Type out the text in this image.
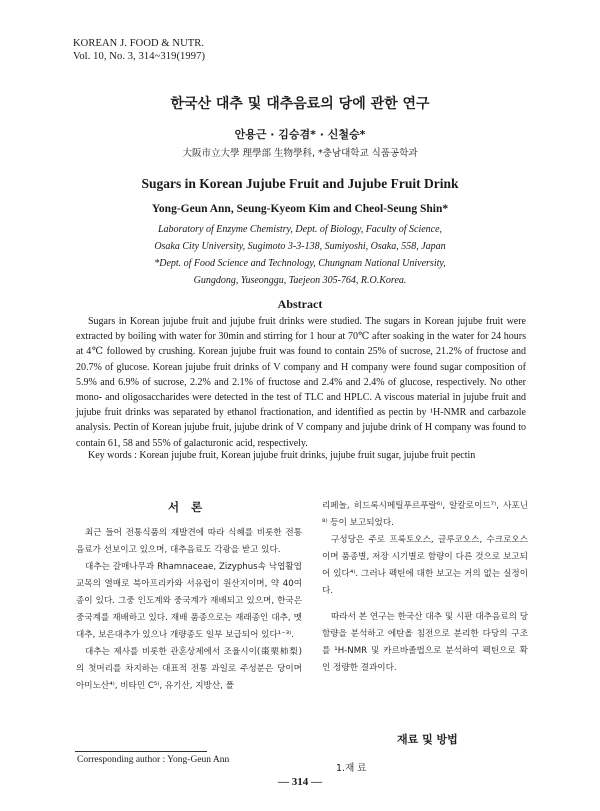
KOREAN J. FOOD & NUTR.
Vol. 10, No. 3, 314~319(1997)
한국산 대추 및 대추음료의 당에 관한 연구
안용근 · 김승겸* · 신철승*
大阪市立大學 理學部 生物學科, *충남대학교 식품공학과
Sugars in Korean Jujube Fruit and Jujube Fruit Drink
Yong-Geun Ann, Seung-Kyeom Kim and Cheol-Seung Shin*
Laboratory of Enzyme Chemistry, Dept. of Biology, Faculty of Science,
Osaka City University, Sugimoto 3-3-138, Sumiyoshi, Osaka, 558, Japan
*Dept. of Food Science and Technology, Chungnam National University,
Gungdong, Yuseonggu, Taejeon 305-764, R.O.Korea.
Abstract
Sugars in Korean jujube fruit and jujube fruit drinks were studied. The sugars in Korean jujube fruit were extracted by boiling with water for 30min and stirring for 1 hour at 70℃ after soaking in the water for 24 hours at 4℃ followed by crushing. Korean jujube fruit was found to contain 25% of sucrose, 21.2% of fructose and 20.7% of glucose. Korean jujube fruit drinks of V company and H company were found sugar composition of 5.9% and 6.9% of sucrose, 2.2% and 2.1% of fructose and 2.4% and 2.4% of glucose, respectively. No other mono- and oligosaccharides were detected in the test of TLC and HPLC. A viscous material in jujube fruit and jujube fruit drinks was separated by ethanol fractionation, and identified as pectin by ¹H-NMR and carbazole analysis. Pectin of Korean jujube fruit, jujube drink of V company and jujube drink of H company was found to contain 61, 58 and 55% of galacturonic acid, respectively.
Key words : Korean jujube fruit, Korean jujube fruit drinks, jujube fruit sugar, jujube fruit pectin
서 론

최근 들어 전통식품의 재발견에 따라 식혜를 비롯한 전통음료가 선보이고 있으며, 대추음료도 각광을 받고 있다.

대추는 갈매나무과 Rhamnaceae, Zizyphus속 낙엽활엽교목의 열매로 북아프리카와 서유럽이 원산지이며, 약 40여종이 있다. 그중 인도계와 중국계가 재배되고 있으며, 한국은 중국계를 재배하고 있다. 재배 품종으로는 재래종인 대추, 멧대추, 보은대추가 있으나 개량종도 일부 보급되어 있다¹⁻³⁾.

대추는 제사를 비롯한 관혼상제에서 조율시이(棗栗柿梨)의 첫머리를 차지하는 대표적 전통 과일로 주성분은 당이며 아미노산⁴⁾, 비타민 C⁵⁾, 유기산, 지방산, 폴

리페놀, 히드록시메틸푸르푸랄⁶⁾, 알칼로이드⁷⁾, 사포닌⁸⁾ 등이 보고되었다.

구성당은 주로 프룩토오스, 글루코오스, 수크로오스이며 품종별, 저장 시기별로 함량이 다른 것으로 보고되어 있다⁴⁾. 그러나 펙틴에 대한 보고는 거의 없는 실정이다.

따라서 본 연구는 한국산 대추 및 시판 대추음료의 당함량을 분석하고 에탄올 침전으로 분리한 다당의 구조를 ¹H-NMR 및 카르바졸법으로 분석하여 펙틴으로 확인 정량한 결과이다.

재료 및 방법
1.재 료
Corresponding author : Yong-Geun Ann
— 314 —
